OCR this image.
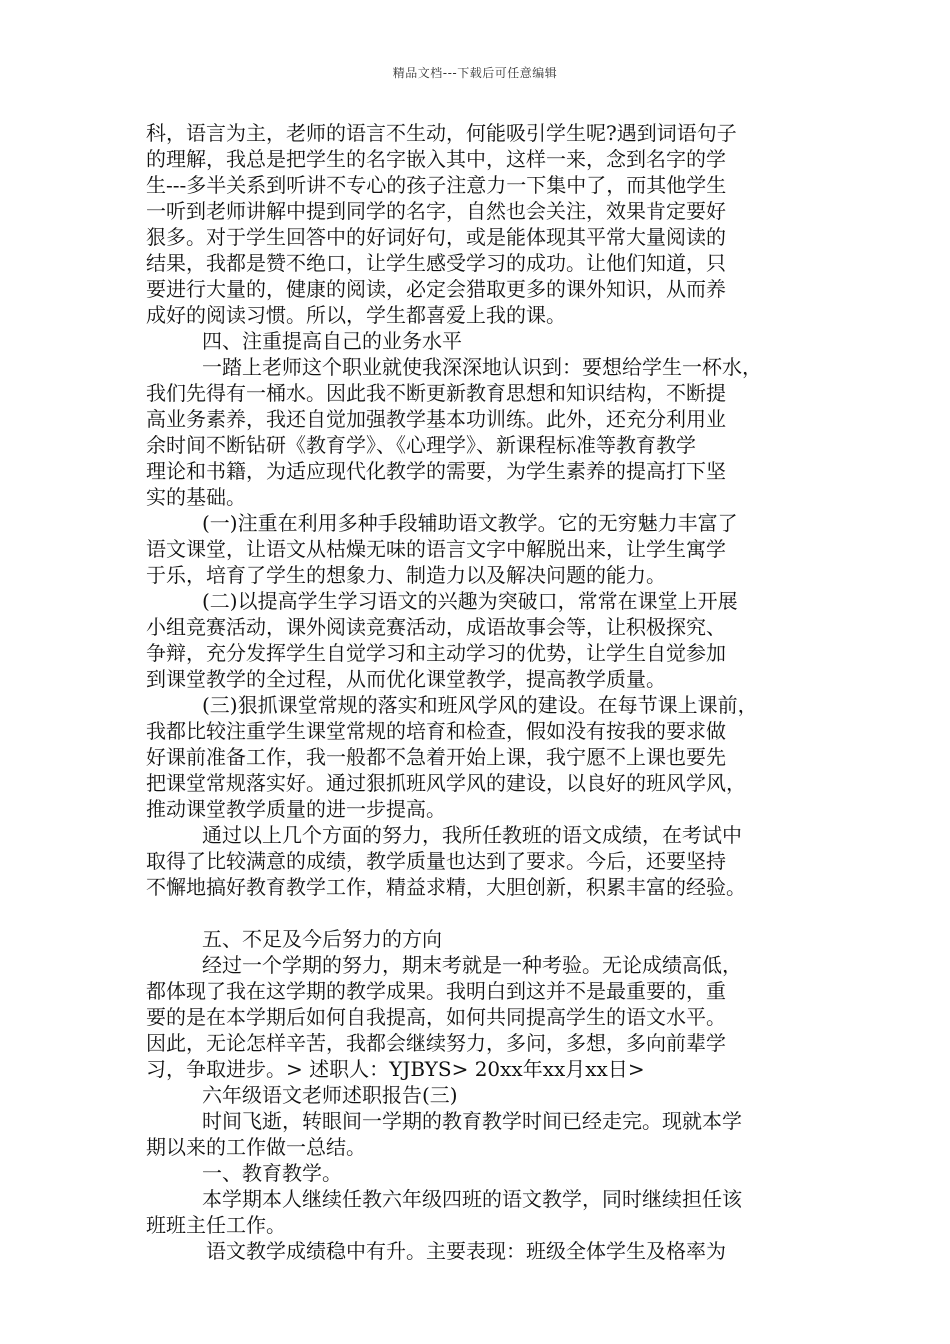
精品文档---下载后可任意编辑
科，语言为主，老师的语言不生动，何能吸引学生呢?遇到词语句子
的理解，我总是把学生的名字嵌入其中，这样一来，念到名字的学
生---多半关系到听讲不专心的孩子注意力一下集中了，而其他学生
一听到老师讲解中提到同学的名字，自然也会关注，效果肯定要好
狠多。对于学生回答中的好词好句，或是能体现其平常大量阅读的
结果，我都是赞不绝口，让学生感受学习的成功。让他们知道，只
要进行大量的，健康的阅读，必定会猎取更多的课外知识，从而养
成好的阅读习惯。所以，学生都喜爱上我的课。
四、注重提高自己的业务水平
一踏上老师这个职业就使我深深地认识到：要想给学生一杯水，
我们先得有一桶水。因此我不断更新教育思想和知识结构，不断提
高业务素养，我还自觉加强教学基本功训练。此外，还充分利用业
余时间不断钻研《教育学》、《心理学》、新课程标准等教育教学
理论和书籍，为适应现代化教学的需要，为学生素养的提高打下坚
实的基础。
(一)注重在利用多种手段辅助语文教学。它的无穷魅力丰富了
语文课堂，让语文从枯燥无味的语言文字中解脱出来，让学生寓学
于乐，培育了学生的想象力、制造力以及解决问题的能力。
(二)以提高学生学习语文的兴趣为突破口，常常在课堂上开展
小组竞赛活动，课外阅读竞赛活动，成语故事会等，让积极探究、
争辩，充分发挥学生自觉学习和主动学习的优势，让学生自觉参加
到课堂教学的全过程，从而优化课堂教学，提高教学质量。
(三)狠抓课堂常规的落实和班风学风的建设。在每节课上课前，
我都比较注重学生课堂常规的培育和检查，假如没有按我的要求做
好课前准备工作，我一般都不急着开始上课，我宁愿不上课也要先
把课堂常规落实好。通过狠抓班风学风的建设，以良好的班风学风，
推动课堂教学质量的进一步提高。
通过以上几个方面的努力，我所任教班的语文成绩，在考试中
取得了比较满意的成绩，教学质量也达到了要求。今后，还要坚持
不懈地搞好教育教学工作，精益求精，大胆创新，积累丰富的经验。
五、不足及今后努力的方向
经过一个学期的努力，期末考就是一种考验。无论成绩高低，
都体现了我在这学期的教学成果。我明白到这并不是最重要的，重
要的是在本学期后如何自我提高，如何共同提高学生的语文水平。
因此，无论怎样辛苦，我都会继续努力，多问，多想，多向前辈学
习，争取进步。> 述职人：YJBYS> 20xx年xx月xx日>
六年级语文老师述职报告(三)
时间飞逝，转眼间一学期的教育教学时间已经走完。现就本学
期以来的工作做一总结。
一、教育教学。
本学期本人继续任教六年级四班的语文教学，同时继续担任该
班班主任工作。
语文教学成绩稳中有升。主要表现：班级全体学生及格率为
